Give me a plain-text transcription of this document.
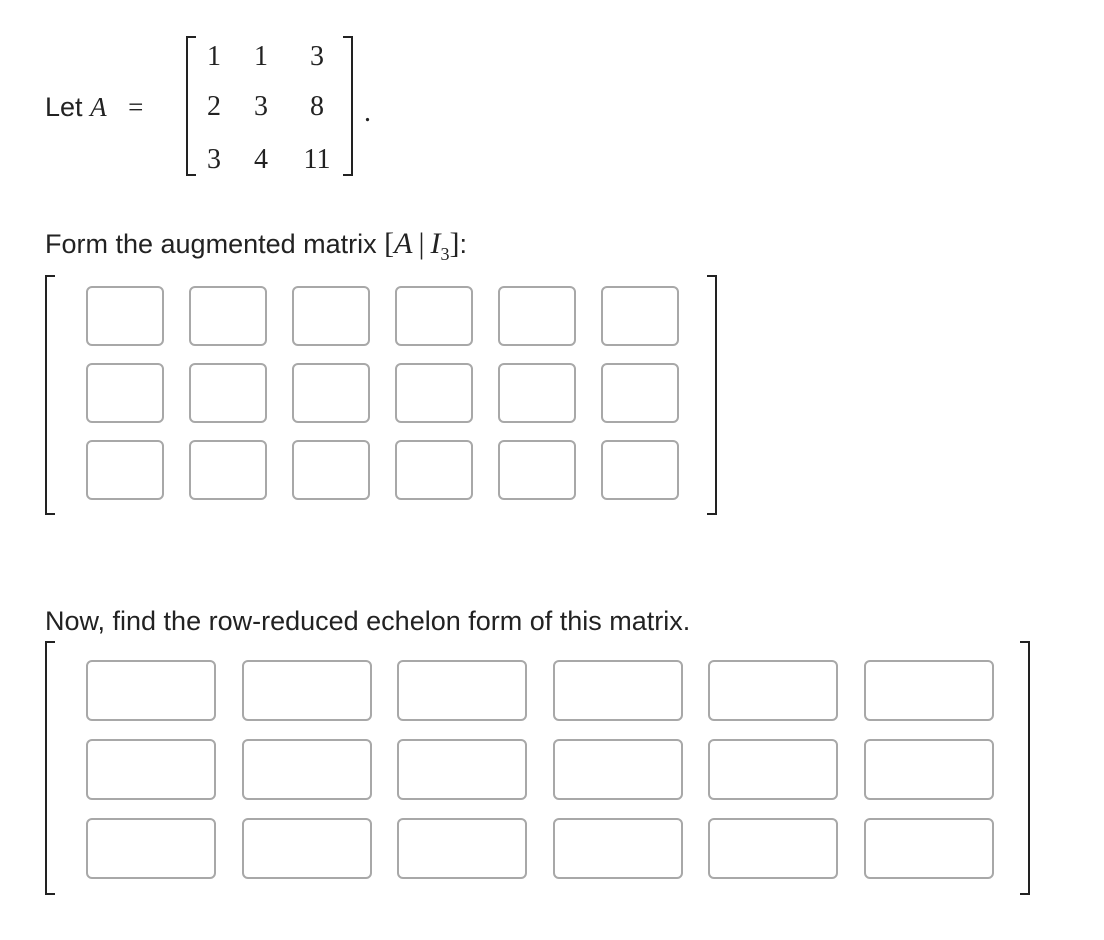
Let A =
1	1	3
2	3	8
3	4	11
.
Form the augmented matrix [A | $I_3$]:
Now, find the row-reduced echelon form of this matrix.
